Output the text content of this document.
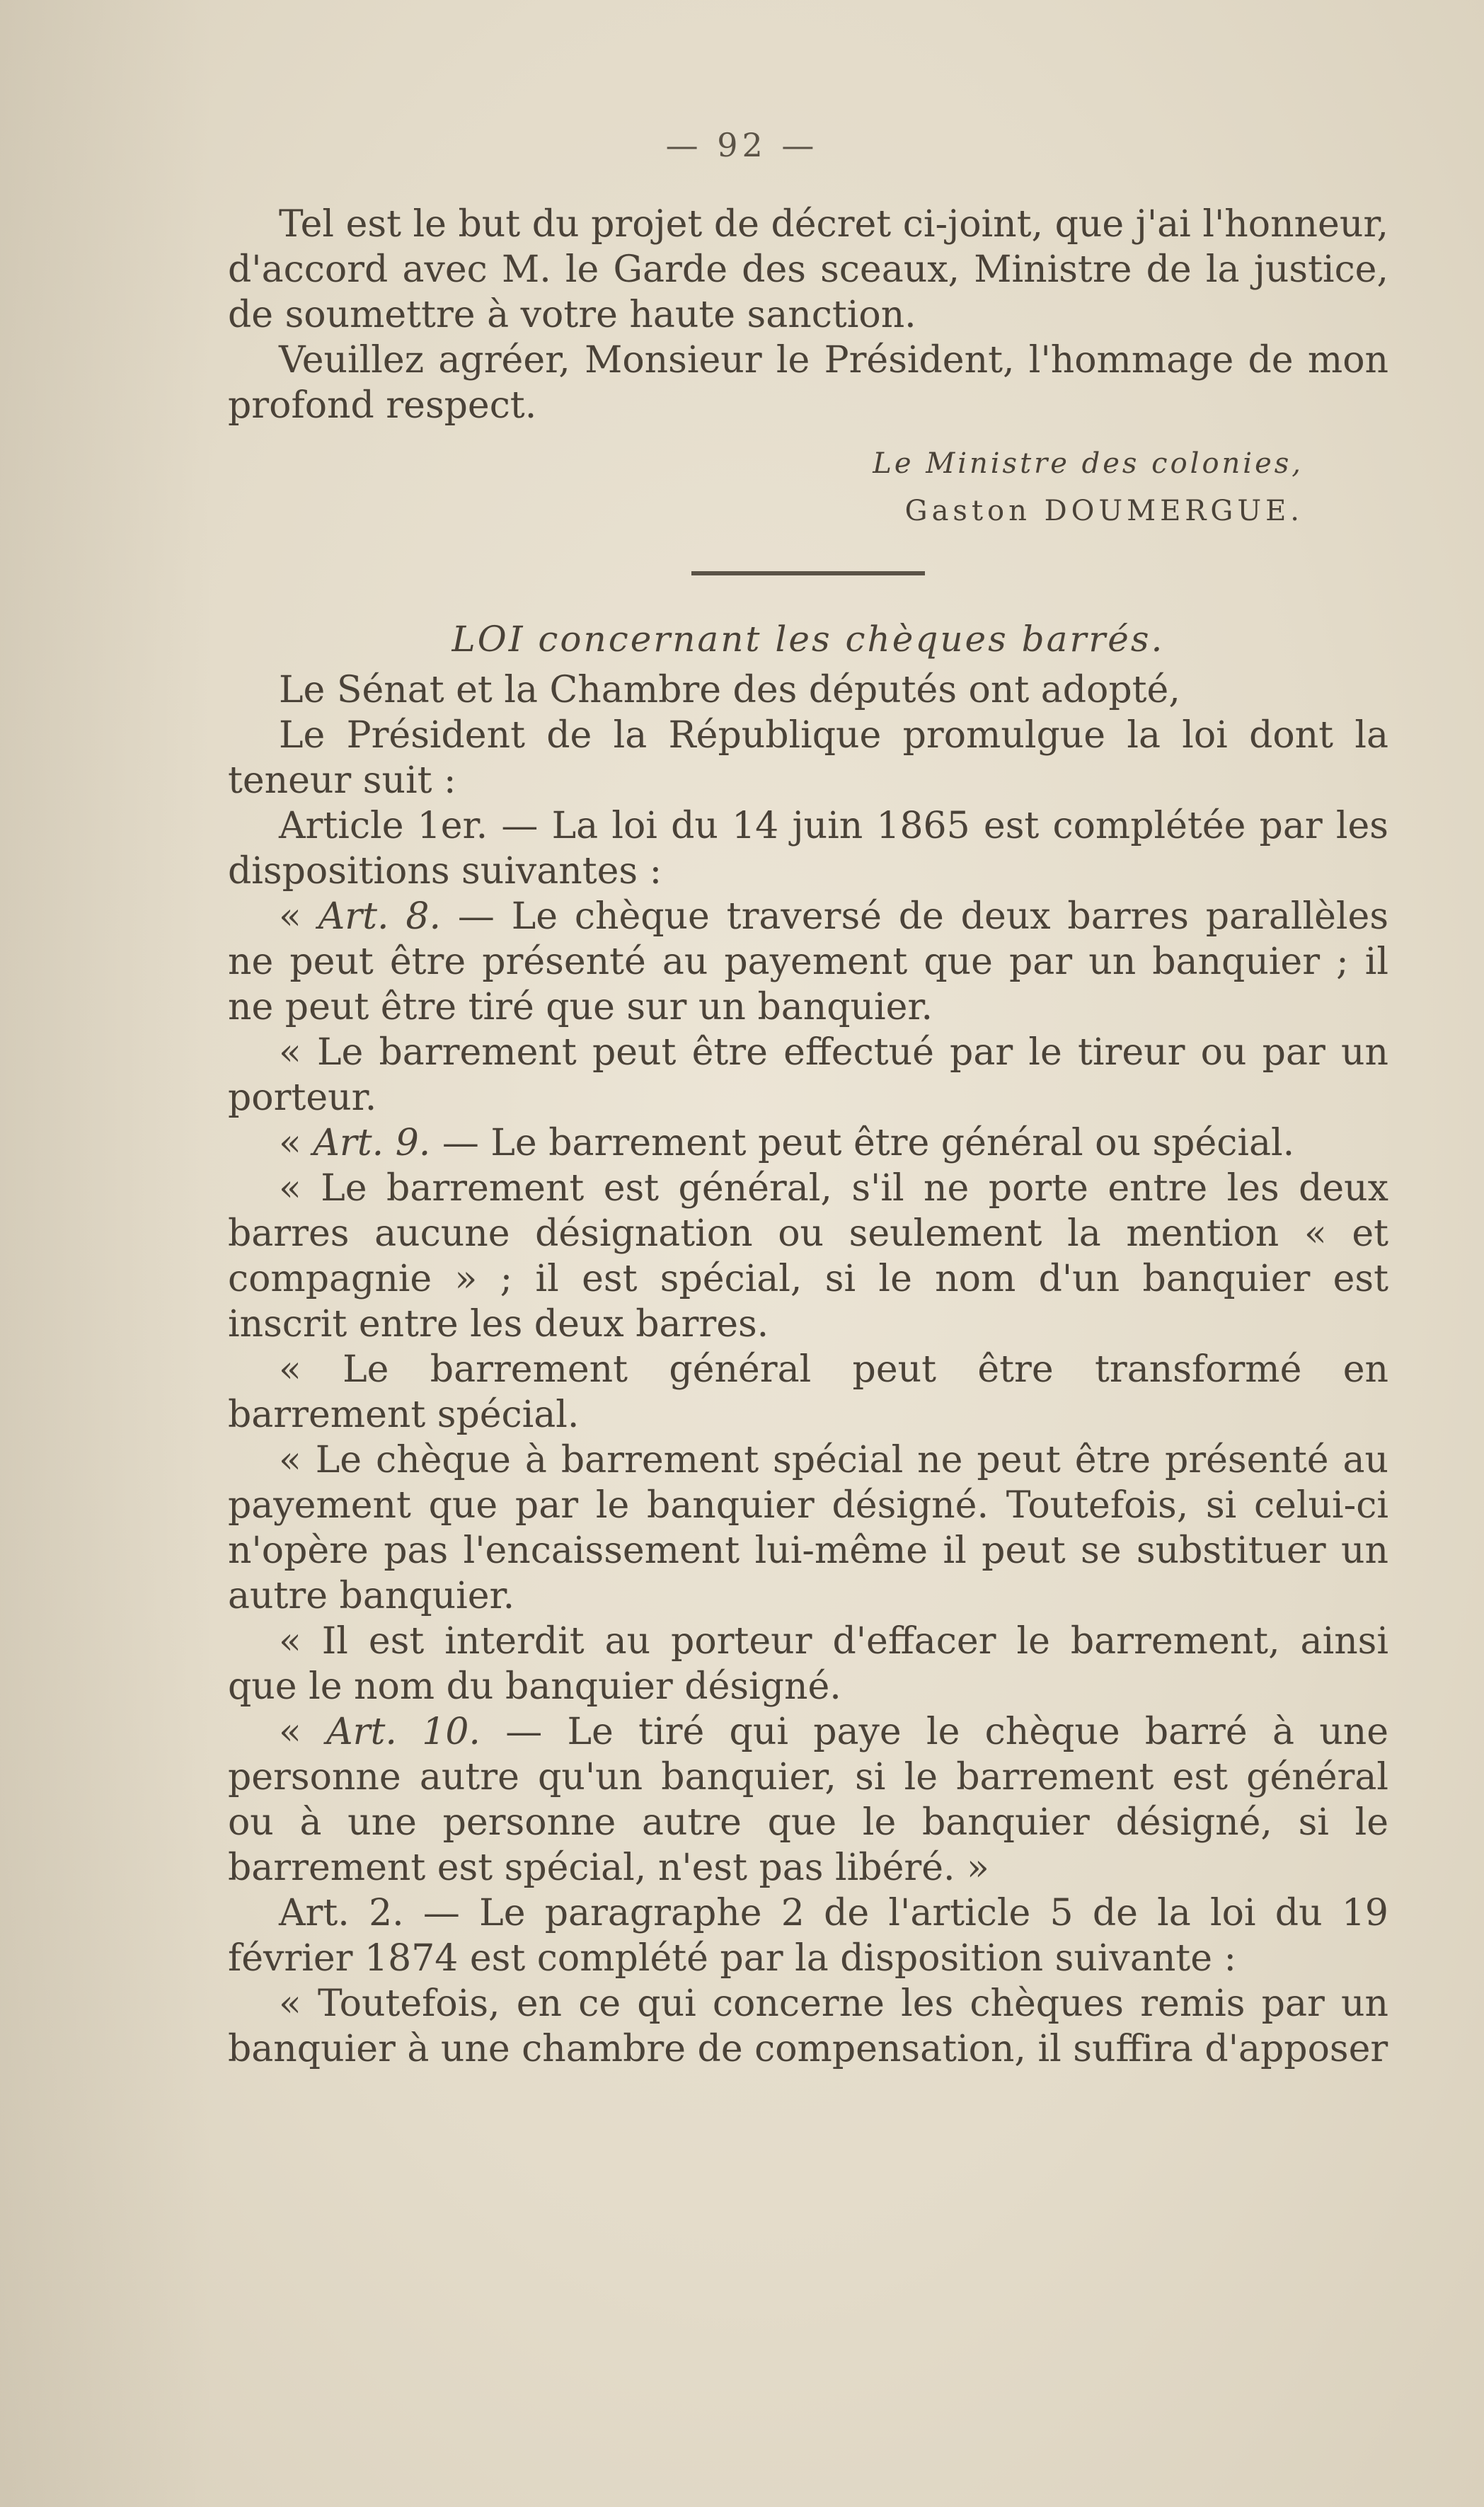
— 92 —

Tel est le but du projet de décret ci-joint, que j'ai l'honneur, d'accord avec M. le Garde des sceaux, Ministre de la justice, de soumettre à votre haute sanction.

Veuillez agréer, Monsieur le Président, l'hommage de mon profond respect.

Le Ministre des colonies,
Gaston DOUMERGUE.
LOI concernant les chèques barrés.

Le Sénat et la Chambre des députés ont adopté,

Le Président de la République promulgue la loi dont la teneur suit :

Article 1er. — La loi du 14 juin 1865 est complétée par les dispositions suivantes :

« Art. 8. — Le chèque traversé de deux barres parallèles ne peut être présenté au payement que par un banquier ; il ne peut être tiré que sur un banquier.

« Le barrement peut être effectué par le tireur ou par un porteur.

« Art. 9. — Le barrement peut être général ou spécial.

« Le barrement est général, s'il ne porte entre les deux barres aucune désignation ou seulement la mention « et compagnie » ; il est spécial, si le nom d'un banquier est inscrit entre les deux barres.

« Le barrement général peut être transformé en barrement spécial.

« Le chèque à barrement spécial ne peut être présenté au payement que par le banquier désigné. Toutefois, si celui-ci n'opère pas l'encaissement lui-même il peut se substituer un autre banquier.

« Il est interdit au porteur d'effacer le barrement, ainsi que le nom du banquier désigné.

« Art. 10. — Le tiré qui paye le chèque barré à une personne autre qu'un banquier, si le barrement est général ou à une personne autre que le banquier désigné, si le barrement est spécial, n'est pas libéré. »

Art. 2. — Le paragraphe 2 de l'article 5 de la loi du 19 février 1874 est complété par la disposition suivante :

« Toutefois, en ce qui concerne les chèques remis par un banquier à une chambre de compensation, il suffira d'apposer
